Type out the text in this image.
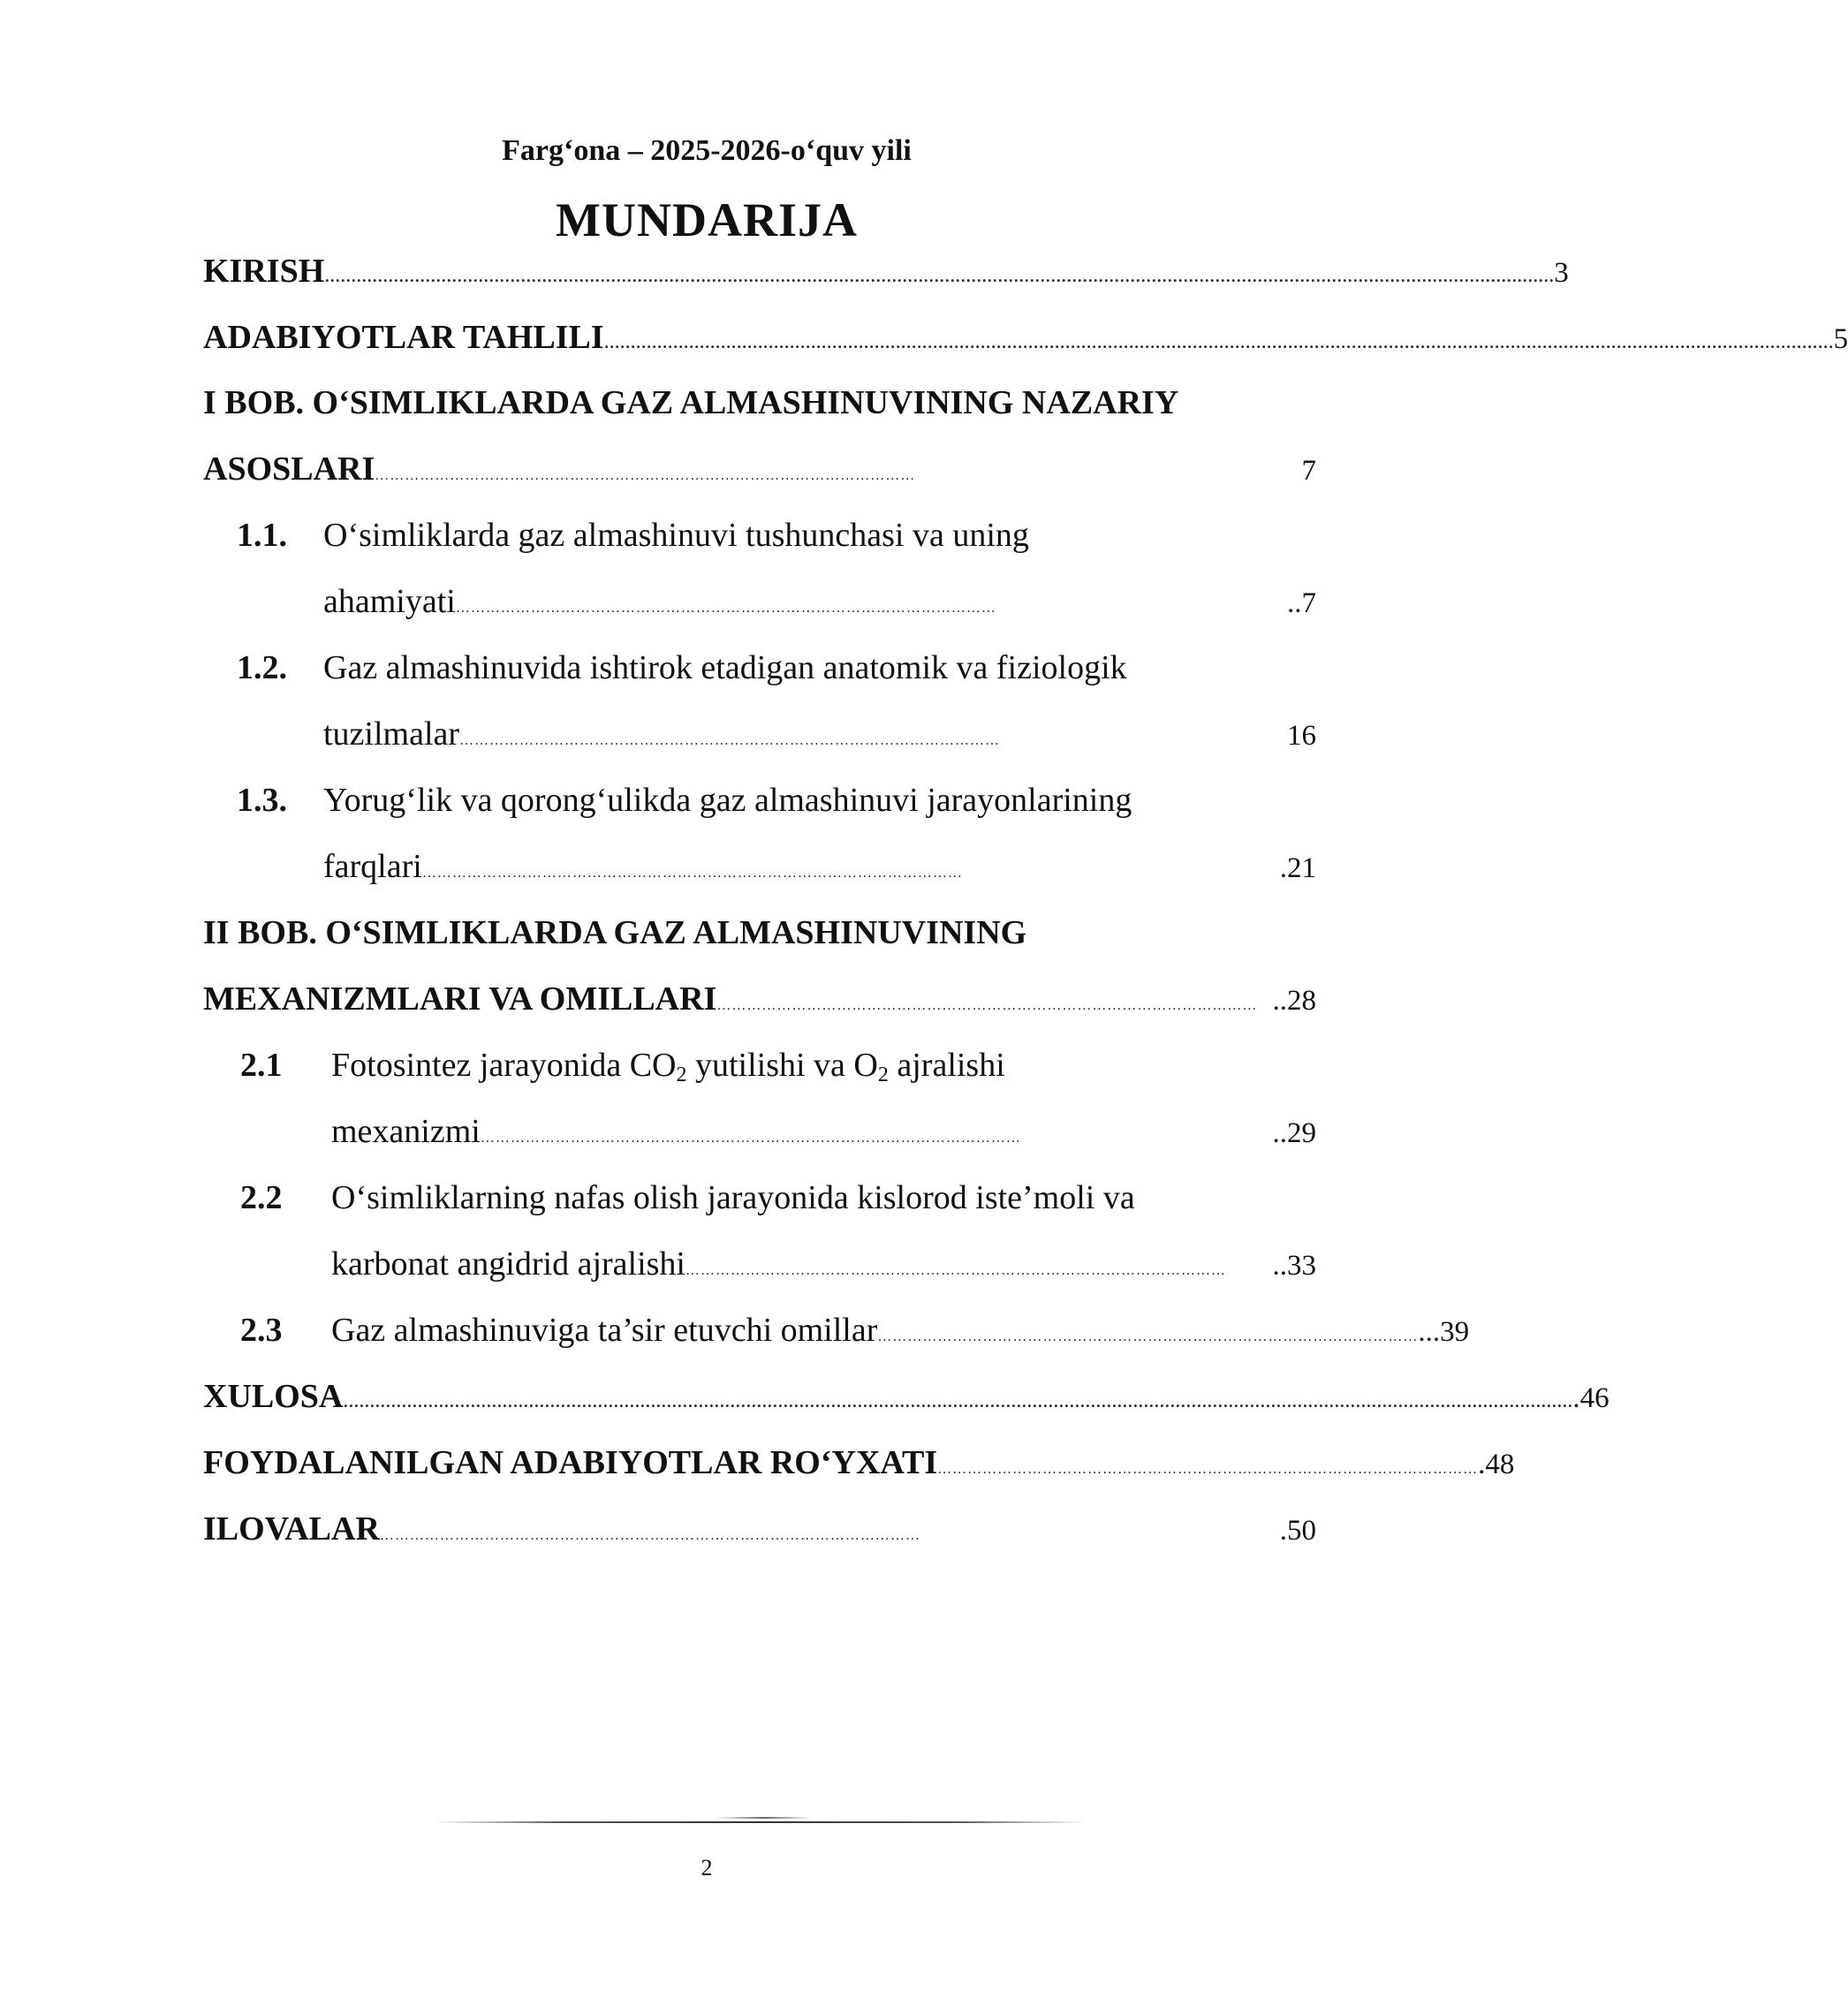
Farg‘ona – 2025-2026-o‘quv yili
MUNDARIJA
KIRISH ........................................................................................................................................................................................................................................ 3
ADABIYOTLAR TAHLILI ........................................................................................................................................................................................................................................ 5
I BOB. O‘SIMLIKLARDA GAZ ALMASHINUVINING NAZARIY
ASOSLARI ………………………………………………………………………………………………	7
1.1. O‘simliklarda gaz almashinuvi tushunchasi va uning
ahamiyati ………………………………………………………………………………………………	..7
1.2. Gaz almashinuvida ishtirok etadigan anatomik va fiziologik
tuzilmalar ………………………………………………………………………………………………	16
1.3. Yorug‘lik va qorong‘ulikda gaz almashinuvi jarayonlarining
farqlari ………………………………………………………………………………………………	.21
II BOB. O‘SIMLIKLARDA GAZ ALMASHINUVINING
MEXANIZMLARI VA OMILLARI ……………………………………………………………………………………………… ..28
2.1 Fotosintez jarayonida $CO_2$ yutilishi va $O_2$ ajralishi
mexanizmi ………………………………………………………………………………………………	..29
2.2 O‘simliklarning nafas olish jarayonida kislorod iste’moli va
karbonat angidrid ajralishi ………………………………………………………………………………………………	..33
2.3 Gaz almashinuviga ta’sir etuvchi omillar ……………………………………………………………………………………………… ...39
XULOSA ........................................................................................................................................................................................................................................ .46
FOYDALANILGAN ADABIYOTLAR RO‘YXATI ……………………………………………………………………………………………… .48
ILOVALAR ………………………………………………………………………………………………	.50
2
